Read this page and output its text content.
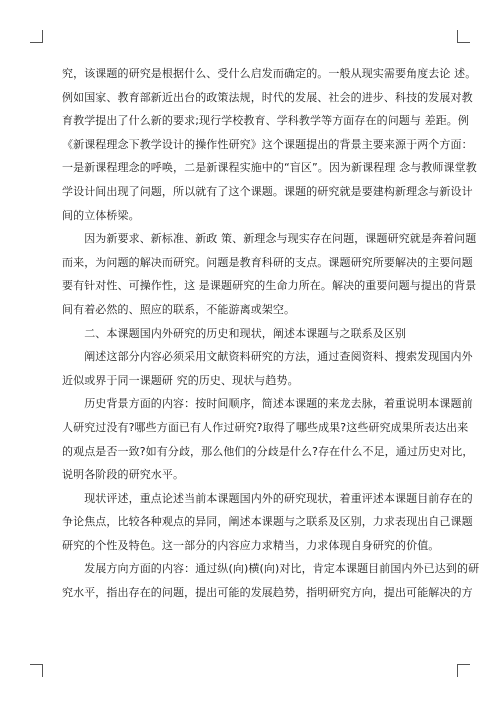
究，该课题的研究是根据什么、受什么启发而确定的。一般从现实需要角度去论 述。
例如国家、教育部新近出台的政策法规，时代的发展、社会的进步、科技的发展对教
育教学提出了什么新的要求;现行学校教育、学科教学等方面存在的问题与 差距。例
《新课程理念下教学设计的操作性研究》这个课题提出的背景主要来源于两个方面：
一是新课程理念的呼唤，二是新课程实施中的“盲区”。因为新课程理 念与教师课堂教
学设计间出现了问题，所以就有了这个课题。课题的研究就是要建构新理念与新设计
间的立体桥梁。
　　因为新要求、新标准、新政 策、新理念与现实存在问题，课题研究就是奔着问题
而来，为问题的解决而研究。问题是教育科研的支点。课题研究所要解决的主要问题
要有针对性、可操作性，这 是课题研究的生命力所在。解决的重要问题与提出的背景
间有着必然的、照应的联系，不能游离或架空。
　　二、本课题国内外研究的历史和现状，阐述本课题与之联系及区别
　　阐述这部分内容必须采用文献资料研究的方法，通过查阅资料、搜索发现国内外
近似或界于同一课题研 究的历史、现状与趋势。
　　历史背景方面的内容：按时间顺序，简述本课题的来龙去脉，着重说明本课题前
人研究过没有?哪些方面已有人作过研究?取得了哪些成果?这些研究成果所表达出来
的观点是否一致?如有分歧，那么他们的分歧是什么?存在什么不足，通过历史对比，
说明各阶段的研究水平。
　　现状评述，重点论述当前本课题国内外的研究现状，着重评述本课题目前存在的
争论焦点，比较各种观点的异同，阐述本课题与之联系及区别，力求表现出自己课题
研究的个性及特色。这一部分的内容应力求精当，力求体现自身研究的价值。
　　发展方向方面的内容：通过纵(向)横(向)对比，肯定本课题目前国内外已达到的研
究水平，指出存在的问题，提出可能的发展趋势，指明研究方向，提出可能解决的方
